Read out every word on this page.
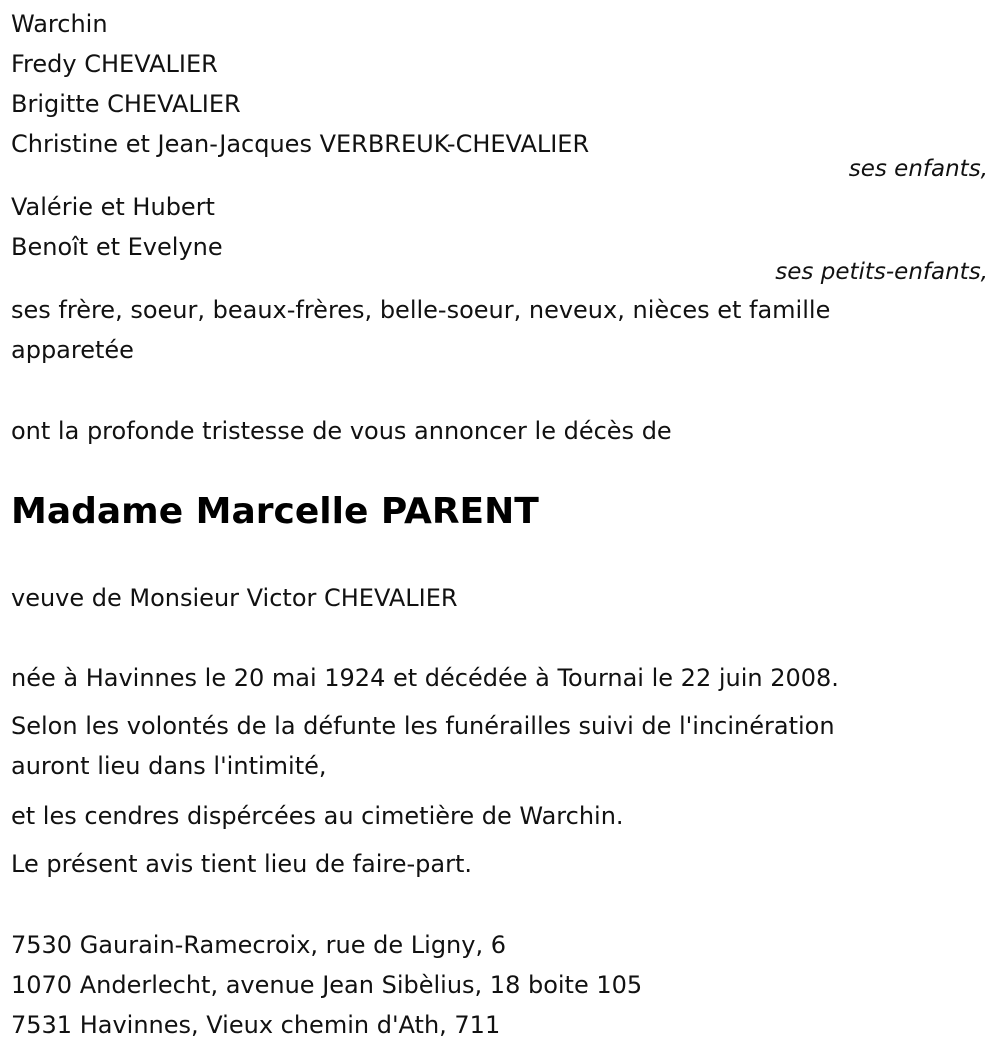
Warchin
Fredy CHEVALIER
Brigitte CHEVALIER
Christine et Jean-Jacques VERBREUK-CHEVALIER
ses enfants,
Valérie et Hubert
Benoît et Evelyne
ses petits-enfants,
ses frère, soeur, beaux-frères, belle-soeur, neveux, nièces et famille
apparetée
ont la profonde tristesse de vous annoncer le décès de
Madame Marcelle PARENT
veuve de Monsieur Victor CHEVALIER
née à Havinnes le 20 mai 1924 et décédée à Tournai le 22 juin 2008.
Selon les volontés de la défunte les funérailles suivi de l'incinération
auront lieu dans l'intimité,
et les cendres dispércées au cimetière de Warchin.
Le présent avis tient lieu de faire-part.
7530 Gaurain-Ramecroix, rue de Ligny, 6
1070 Anderlecht, avenue Jean Sibèlius, 18 boite 105
7531 Havinnes, Vieux chemin d'Ath, 711
